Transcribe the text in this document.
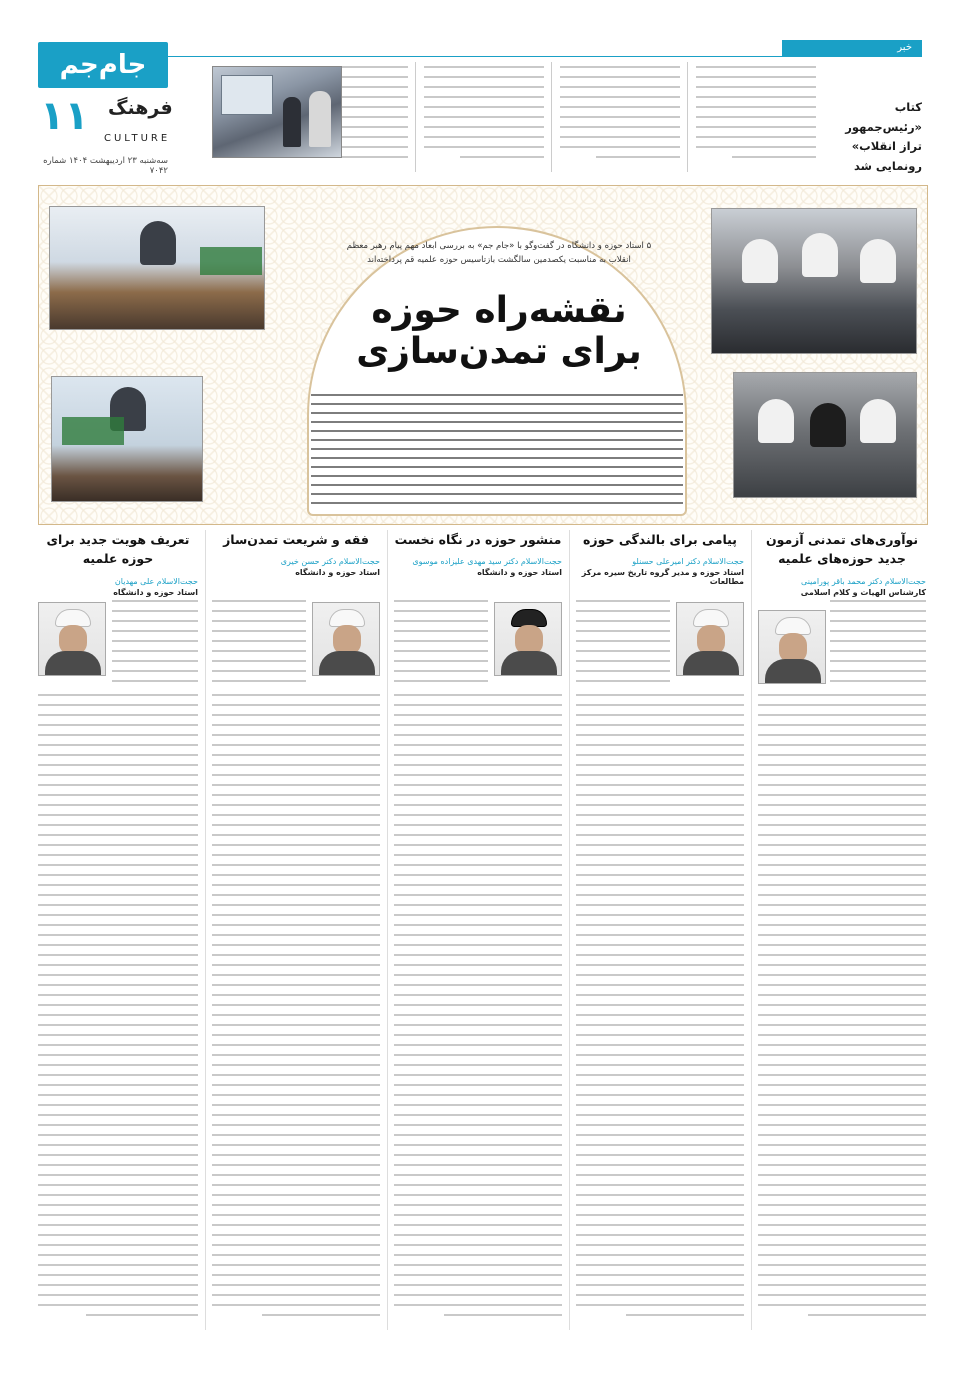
خبر
کتاب «رئیس‌جمهور تراز انقلاب» رونمایی شد
جام‌جم
۱۱ فرهنگ
CULTURE
سه‌شنبه ۲۳ اردیبهشت ۱۴۰۴ شماره ۷۰۴۲
۵ استاد حوزه و دانشگاه در گفت‌وگو با «جام جم» به بررسی ابعاد مهم پیام رهبر معظم انقلاب به مناسبت یکصدمین سالگشت بازتاسیس حوزه علمیه قم پرداخته‌اند
نقشه‌راه حوزه
برای تمدن‌سازی
نوآوری‌های تمدنی آزمون جدید حوزه‌های علمیه
حجت‌الاسلام دکتر محمد باقر پورامینی
کارشناس الهیات و کلام اسلامی
پیامی برای بالندگی حوزه
حجت‌الاسلام دکتر امیرعلی حسنلو
استاد حوزه و مدیر گروه تاریخ سیره مرکز مطالعات
منشور حوزه در نگاه نخست
حجت‌الاسلام دکتر سید مهدی علیزاده موسوی
استاد حوزه و دانشگاه
فقه و شریعت تمدن‌ساز
حجت‌الاسلام دکتر حسن خیری
استاد حوزه و دانشگاه
تعریف هویت جدید برای حوزه علمیه
حجت‌الاسلام علی مهدیان
استاد حوزه و دانشگاه
